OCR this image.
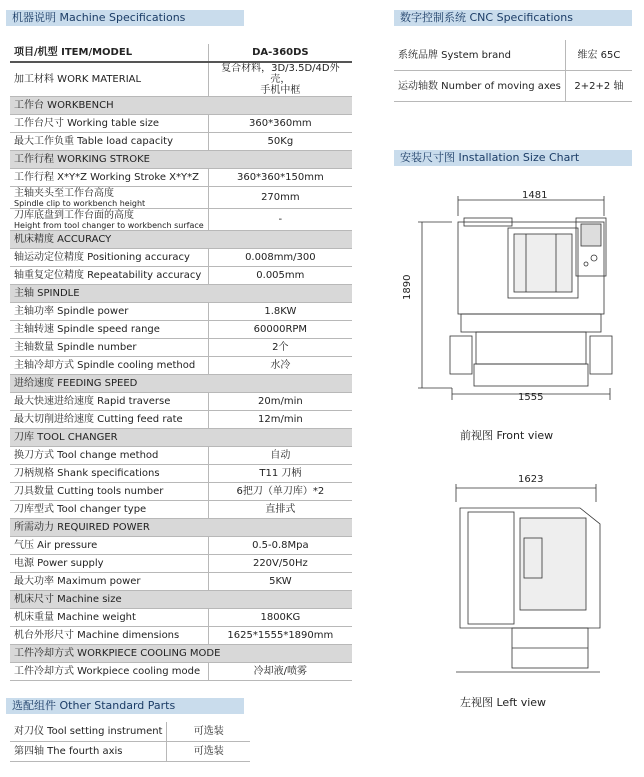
机器说明 Machine Specifications
项目/机型 ITEM/MODEL	DA-360DS
加工材料 WORK MATERIAL	复合材料，3D/3.5D/4D外壳，
手机中框
工作台 WORKBENCH	
工作台尺寸 Working table size	360*360mm
最大工作负重 Table load capacity	50Kg
工作行程 WORKING STROKE	
工作行程 X*Y*Z Working Stroke X*Y*Z	360*360*150mm
主轴夹头至工作台高度
Spindle clip to workbench height	270mm
刀库底盘到工作台面的高度
Height from tool changer to workbench surface	-
机床精度 ACCURACY	
轴运动定位精度 Positioning accuracy	0.008mm/300
轴重复定位精度 Repeatability accuracy	0.005mm
主轴 SPINDLE	
主轴功率 Spindle power	1.8KW
主轴转速 Spindle speed range	60000RPM
主轴数量 Spindle number	2个
主轴冷却方式 Spindle cooling method	水冷
进给速度 FEEDING SPEED	
最大快速进给速度 Rapid traverse	20m/min
最大切削进给速度 Cutting feed rate	12m/min
刀库 TOOL CHANGER	
换刀方式 Tool change method	自动
刀柄规格 Shank specifications	T11 刀柄
刀具数量 Cutting tools number	6把刀（单刀库）*2
刀库型式 Tool changer type	直排式
所需动力 REQUIRED POWER	
气压 Air pressure	0.5-0.8Mpa
电源 Power supply	220V/50Hz
最大功率 Maximum power	5KW
机床尺寸 Machine size	
机床重量 Machine weight	1800KG
机台外形尺寸 Machine dimensions	1625*1555*1890mm
工件冷却方式 WORKPIECE COOLING MODE	
工件冷却方式 Workpiece cooling mode	冷却液/喷雾
选配组件 Other Standard Parts
对刀仪 Tool setting instrument	可选装
第四轴 The fourth axis	可选装
数字控制系统 CNC Specifications
系统品牌 System brand	维宏 65C
运动轴数 Number of moving axes	2+2+2 轴
安装尺寸图 Installation Size Chart
1481
1890
1555
前视图 Front view
1623
左视图 Left view
